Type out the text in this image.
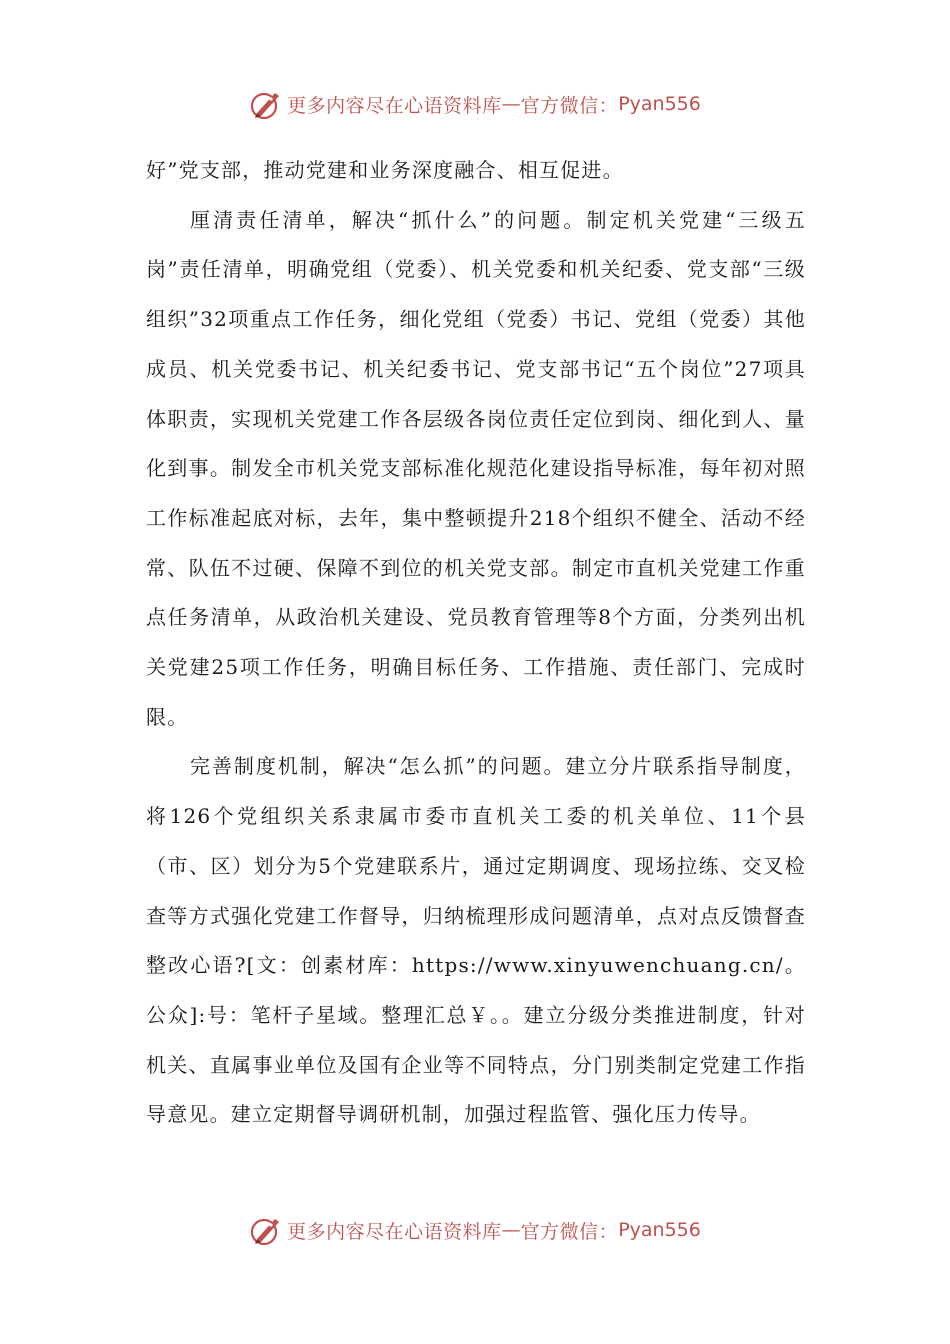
更多内容尽在心语资料库 — 官方微信： Pyan556

好”党支部，推动党建和业务深度融合、相互促进。

厘清责任清单，解决“抓什么”的问题。制定机关党建“三级五岗”责任清单，明确党组（党委）、机关党委和机关纪委、党支部“三级组织”32项重点工作任务，细化党组（党委）书记、党组（党委）其他成员、机关党委书记、机关纪委书记、党支部书记“五个岗位”27项具体职责，实现机关党建工作各层级各岗位责任定位到岗、细化到人、量化到事。制发全市机关党支部标准化规范化建设指导标准，每年初对照工作标准起底对标，去年，集中整顿提升218个组织不健全、活动不经常、队伍不过硬、保障不到位的机关党支部。制定市直机关党建工作重点任务清单，从政治机关建设、党员教育管理等8个方面，分类列出机关党建25项工作任务，明确目标任务、工作措施、责任部门、完成时限。

完善制度机制，解决“怎么抓”的问题。建立分片联系指导制度，将126个党组织关系隶属市委市直机关工委的机关单位、11个县（市、区）划分为5个党建联系片，通过定期调度、现场拉练、交叉检查等方式强化党建工作督导，归纳梳理形成问题清单，点对点反馈督查整改心语?[文：创素材库：https://www.xinyuwenchuang.cn/。公众]:号：笔杆子星域。整理汇总￥。。建立分级分类推进制度，针对机关、直属事业单位及国有企业等不同特点，分门别类制定党建工作指导意见。建立定期督导调研机制，加强过程监管、强化压力传导。

更多内容尽在心语资料库 — 官方微信： Pyan556
